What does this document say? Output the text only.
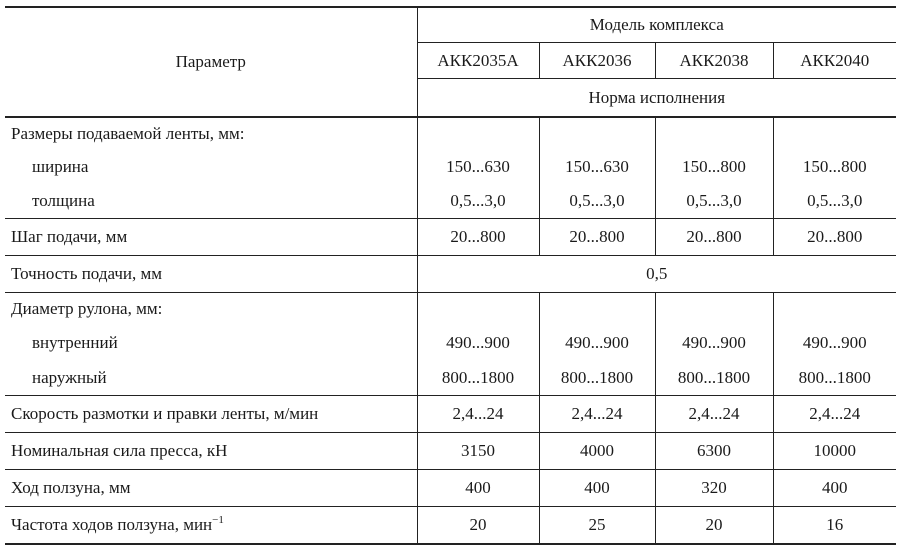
Параметр	Модель комплекса			
	АКК2035А	АКК2036	АКК2038	АКК2040
	Норма исполнения			
Размеры подаваемой ленты, мм:				
ширина	150...630	150...630	150...800	150...800
толщина	0,5...3,0	0,5...3,0	0,5...3,0	0,5...3,0
Шаг подачи, мм	20...800	20...800	20...800	20...800
Точность подачи, мм	0,5			
Диаметр рулона, мм:				
внутренний	490...900	490...900	490...900	490...900
наружный	800...1800	800...1800	800...1800	800...1800
Скорость размотки и правки ленты, м/мин	2,4...24	2,4...24	2,4...24	2,4...24
Номинальная сила пресса, кН	3150	4000	6300	10000
Ход ползуна, мм	400	400	320	400
Частота ходов ползуна, мин$^{-1}$	20	25	20	16
